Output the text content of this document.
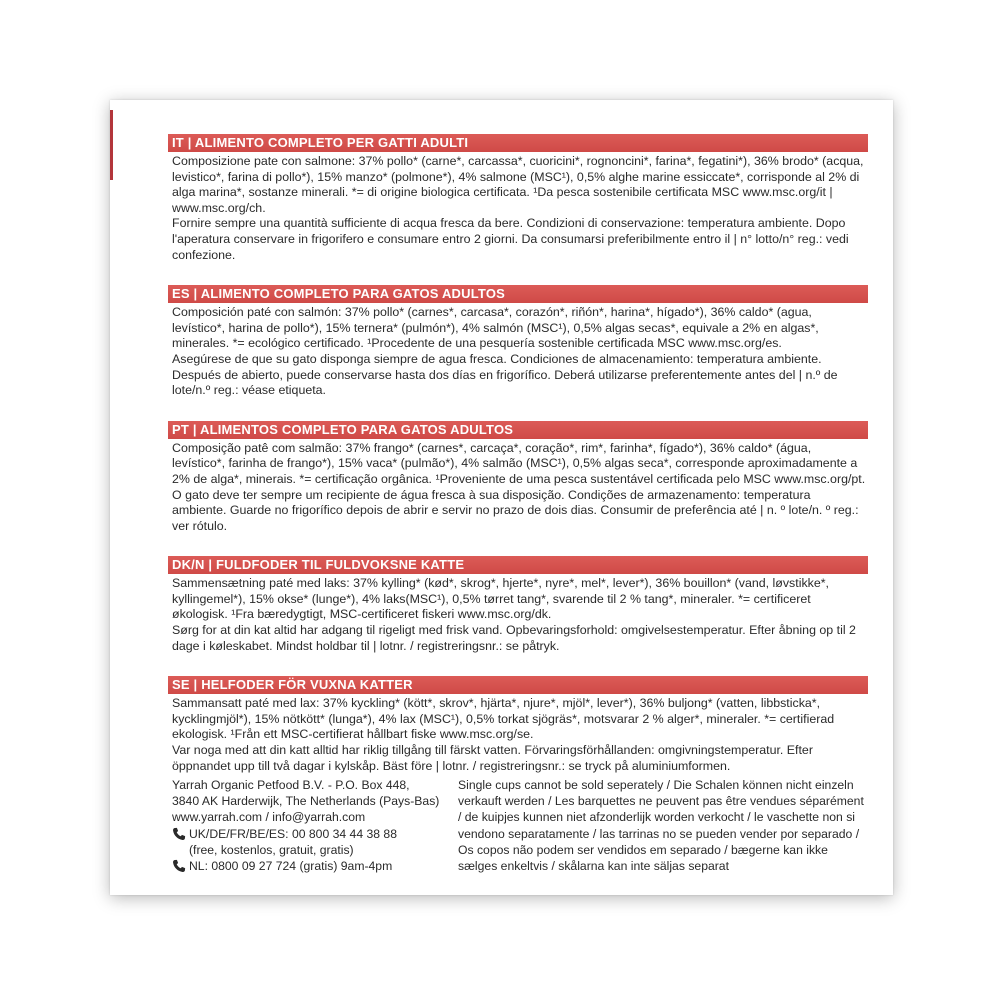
IT | ALIMENTO COMPLETO PER GATTI ADULTI

Composizione pate con salmone: 37% pollo* (carne*, carcassa*, cuoricini*, rognoncini*, farina*, fegatini*), 36% brodo* (acqua, levistico*, farina di pollo*), 15% manzo* (polmone*), 4% salmone (MSC¹), 0,5% alghe marine essiccate*, corrisponde al 2% di alga marina*, sostanze minerali. *= di origine biologica certificata. ¹Da pesca sostenibile certificata MSC www.msc.org/it | www.msc.org/ch.

Fornire sempre una quantità sufficiente di acqua fresca da bere. Condizioni di conservazione: temperatura ambiente. Dopo l'aperatura conservare in frigorifero e consumare entro 2 giorni. Da consumarsi preferibilmente entro il | n° lotto/n° reg.: vedi confezione.

ES | ALIMENTO COMPLETO PARA GATOS ADULTOS

Composición paté con salmón: 37% pollo* (carnes*, carcasa*, corazón*, riñón*, harina*, hígado*), 36% caldo* (agua, levístico*, harina de pollo*), 15% ternera* (pulmón*), 4% salmón (MSC¹), 0,5% algas secas*, equivale a 2% en algas*, minerales. *= ecológico certificado. ¹Procedente de una pesquería sostenible certificada MSC www.msc.org/es.

Asegúrese de que su gato disponga siempre de agua fresca. Condiciones de almacenamiento: temperatura ambiente. Después de abierto, puede conservarse hasta dos días en frigorífico. Deberá utilizarse preferentemente antes del | n.º de lote/n.º reg.: véase etiqueta.

PT | ALIMENTOS COMPLETO PARA GATOS ADULTOS

Composição patê com salmão: 37% frango* (carnes*, carcaça*, coração*, rim*, farinha*, fígado*), 36% caldo* (água, levístico*, farinha de frango*), 15% vaca* (pulmão*), 4% salmão (MSC¹), 0,5% algas seca*, corresponde aproximadamente a 2% de alga*, minerais. *= certificação orgânica. ¹Proveniente de uma pesca sustentável certificada pelo MSC www.msc.org/pt.

O gato deve ter sempre um recipiente de água fresca à sua disposição. Condições de armazenamento: temperatura ambiente. Guarde no frigorífico depois de abrir e servir no prazo de dois dias. Consumir de preferência até | n. º lote/n. º reg.: ver rótulo.

DK/N | FULDFODER TIL FULDVOKSNE KATTE

Sammensætning paté med laks: 37% kylling* (kød*, skrog*, hjerte*, nyre*, mel*, lever*), 36% bouillon* (vand, løvstikke*, kyllingemel*), 15% okse* (lunge*), 4% laks(MSC¹), 0,5% tørret tang*, svarende til 2 % tang*, mineraler. *= certificeret økologisk. ¹Fra bæredygtigt, MSC-certificeret fiskeri www.msc.org/dk.

Sørg for at din kat altid har adgang til rigeligt med frisk vand. Opbevaringsforhold: omgivelsestemperatur. Efter åbning op til 2 dage i køleskabet. Mindst holdbar til | lotnr. / registreringsnr.: se påtryk.

SE | HELFODER FÖR VUXNA KATTER

Sammansatt paté med lax: 37% kyckling* (kött*, skrov*, hjärta*, njure*, mjöl*, lever*), 36% buljong* (vatten, libbsticka*, kycklingmjöl*), 15% nötkött* (lunga*), 4% lax (MSC¹), 0,5% torkat sjögräs*, motsvarar 2 % alger*, mineraler. *= certifierad ekologisk. ¹Från ett MSC-certifierat hållbart fiske www.msc.org/se.

Var noga med att din katt alltid har riklig tillgång till färskt vatten. Förvaringsförhållanden: omgivningstemperatur. Efter öppnandet upp till två dagar i kylskåp. Bäst före | lotnr. / registreringsnr.: se tryck på aluminiumformen.

Yarrah Organic Petfood B.V. - P.O. Box 448,

3840 AK Harderwijk, The Netherlands (Pays-Bas)

www.yarrah.com / info@yarrah.com

UK/DE/FR/BE/ES: 00 800 34 44 38 88
(free, kostenlos, gratuit, gratis)
NL: 0800 09 27 724 (gratis) 9am-4pm

Single cups cannot be sold seperately / Die Schalen können nicht einzeln verkauft werden / Les barquettes ne peuvent pas être vendues séparément / de kuipjes kunnen niet afzonderlijk worden verkocht / le vaschette non si vendono separatamente / las tarrinas no se pueden vender por separado / Os copos não podem ser vendidos em separado / bægerne kan ikke sælges enkeltvis / skålarna kan inte säljas separat
